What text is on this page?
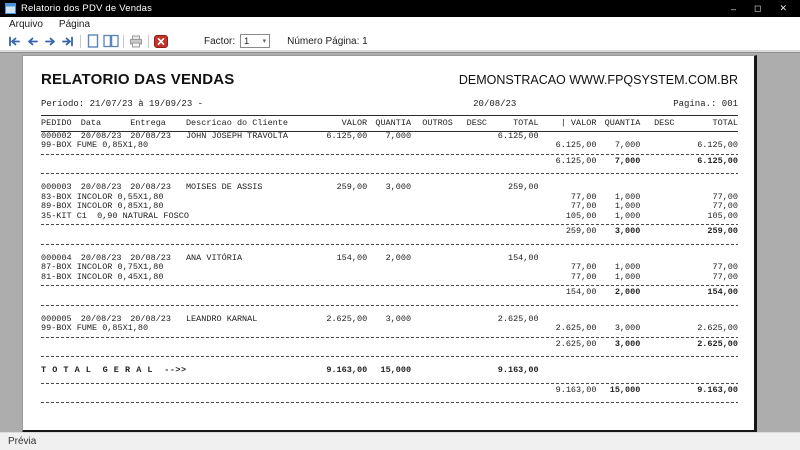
Relatorio dos PDV de Vendas	– ◻ ✕
Arquivo Página
Factor: 1 ▾ Número Página: 1
RELATORIO DAS VENDAS	DEMONSTRACAO WWW.FPQSYSTEM.COM.BR
Período: 21/07/23 à 19/09/23 -	20/08/23	Pagina.: 001
PEDIDO	Data	Entrega	Descricao do Cliente	VALOR	QUANTIA	OUTROS	DESC	TOTAL	| VALOR	QUANTIA	DESC	TOTAL
000002	20/08/23	20/08/23	JOHN JOSEPH TRAVOLTA	6.125,00	7,000			6.125,00				
99-BOX FUME 0,85X1,80									6.125,00	7,000		6.125,00

									6.125,00	7,000		6.125,00

000003	20/08/23	20/08/23	MOISES DE ASSIS	259,00	3,000			259,00				
83-BOX INCOLOR 0,55X1,80									77,00	1,000		77,00
89-BOX INCOLOR 0,85X1,80									77,00	1,000		77,00
35-KIT C1  0,90 NATURAL FOSCO									105,00	1,000		105,00

									259,00	3,000		259,00

000004	20/08/23	20/08/23	ANA VITÓRIA	154,00	2,000			154,00				
87-BOX INCOLOR 0,75X1,80									77,00	1,000		77,00
81-BOX INCOLOR 0,45X1,80									77,00	1,000		77,00

									154,00	2,000		154,00

000005	20/08/23	20/08/23	LEANDRO KARNAL	2.625,00	3,000			2.625,00				
99-BOX FUME 0,85X1,80									2.625,00	3,000		2.625,00

									2.625,00	3,000		2.625,00

T O T A L  G E R A L  -->>				9.163,00	15,000			9.163,00				

									9.163,00	15,000		9.163,00

Prévia
